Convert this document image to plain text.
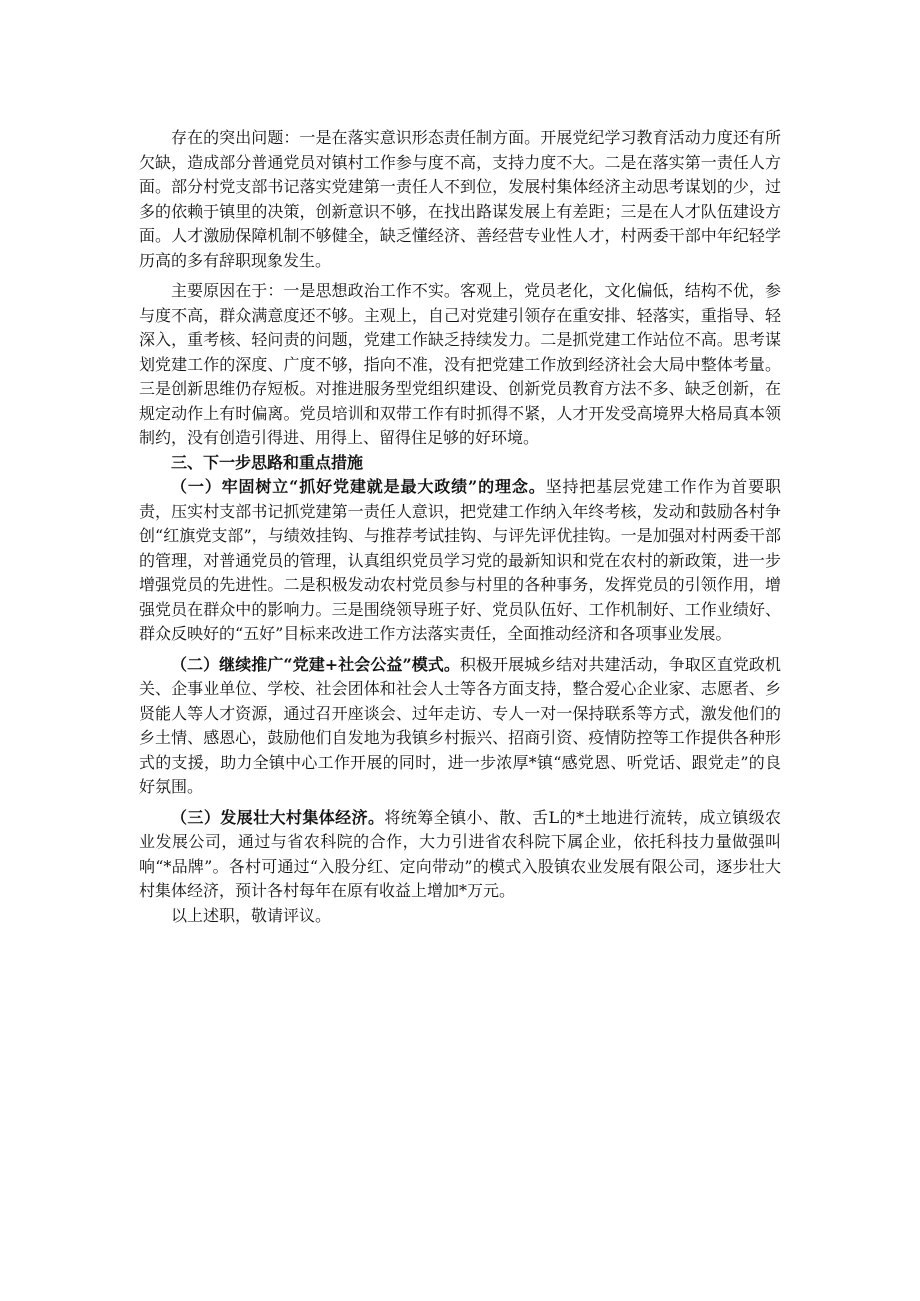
存在的突出问题：一是在落实意识形态责任制方面。开展党纪学习教育活动力度还有所欠缺，造成部分普通党员对镇村工作参与度不高，支持力度不大。二是在落实第一责任人方面。部分村党支部书记落实党建第一责任人不到位，发展村集体经济主动思考谋划的少，过多的依赖于镇里的决策，创新意识不够，在找出路谋发展上有差距；三是在人才队伍建设方面。人才激励保障机制不够健全，缺乏懂经济、善经营专业性人才，村两委干部中年纪轻学历高的多有辞职现象发生。

主要原因在于：一是思想政治工作不实。客观上，党员老化，文化偏低，结构不优，参与度不高，群众满意度还不够。主观上，自己对党建引领存在重安排、轻落实，重指导、轻深入，重考核、轻问责的问题，党建工作缺乏持续发力。二是抓党建工作站位不高。思考谋划党建工作的深度、广度不够，指向不准，没有把党建工作放到经济社会大局中整体考量。三是创新思维仍存短板。对推进服务型党组织建设、创新党员教育方法不多、缺乏创新，在规定动作上有时偏离。党员培训和双带工作有时抓得不紧，人才开发受高境界大格局真本领制约，没有创造引得进、用得上、留得住足够的好环境。

三、下一步思路和重点措施

（一）牢固树立“抓好党建就是最大政绩”的理念。坚持把基层党建工作作为首要职责，压实村支部书记抓党建第一责任人意识，把党建工作纳入年终考核，发动和鼓励各村争创“红旗党支部”，与绩效挂钩、与推荐考试挂钩、与评先评优挂钩。一是加强对村两委干部的管理，对普通党员的管理，认真组织党员学习党的最新知识和党在农村的新政策，进一步增强党员的先进性。二是积极发动农村党员参与村里的各种事务，发挥党员的引领作用，增强党员在群众中的影响力。三是围绕领导班子好、党员队伍好、工作机制好、工作业绩好、群众反映好的“五好”目标来改进工作方法落实责任，全面推动经济和各项事业发展。

（二）继续推广“党建+社会公益”模式。积极开展城乡结对共建活动，争取区直党政机关、企事业单位、学校、社会团体和社会人士等各方面支持，整合爱心企业家、志愿者、乡贤能人等人才资源，通过召开座谈会、过年走访、专人一对一保持联系等方式，激发他们的乡土情、感恩心，鼓励他们自发地为我镇乡村振兴、招商引资、疫情防控等工作提供各种形式的支援，助力全镇中心工作开展的同时，进一步浓厚*镇“感党恩、听党话、跟党走”的良好氛围。

（三）发展壮大村集体经济。将统筹全镇小、散、舌L的*土地进行流转，成立镇级农业发展公司，通过与省农科院的合作，大力引进省农科院下属企业，依托科技力量做强叫响“*品牌”。各村可通过“入股分红、定向带动”的模式入股镇农业发展有限公司，逐步壮大村集体经济，预计各村每年在原有收益上增加*万元。

以上述职，敬请评议。
